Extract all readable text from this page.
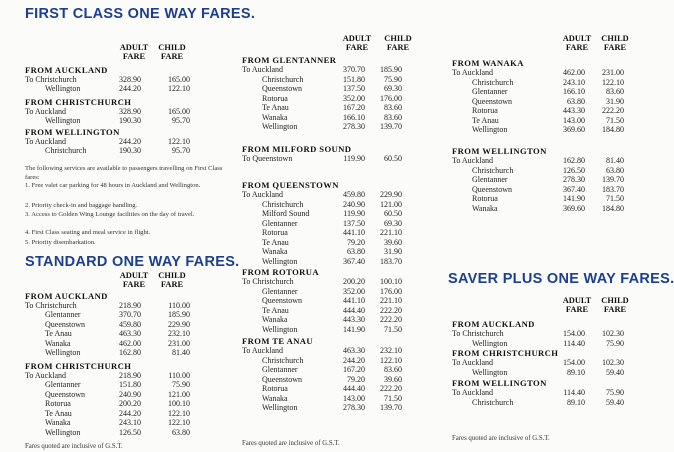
FIRST CLASS ONE WAY FARES.
ADULT
FARE
CHILD
FARE
FROM AUCKLAND
To Christchurch	328.90	165.00
Wellington	244.20	122.10
FROM CHRISTCHURCH
To Auckland	328.90	165.00
Wellington	190.30	95.70
FROM WELLINGTON
To Auckland	244.20	122.10
Christchurch	190.30	95.70
The following services are available to passengers travelling on First Class fares:
1. Free valet car parking for 48 hours in Auckland and Wellington.
2. Priority check-in and baggage handling.
3. Access to Golden Wing Lounge facilities on the day of travel.
4. First Class seating and meal service in flight.
5. Priority disembarkation.
STANDARD ONE WAY FARES.
ADULT
FARE
CHILD
FARE
FROM AUCKLAND
To Christchurch	218.90	110.00
Glentanner	370.70	185.90
Queenstown	459.80	229.90
Te Anau	463.30	232.10
Wanaka	462.00	231.00
Wellington	162.80	81.40
FROM CHRISTCHURCH
To Auckland	218.90	110.00
Glentanner	151.80	75.90
Queenstown	240.90	121.00
Rotorua	200.20	100.10
Te Anau	244.20	122.10
Wanaka	243.10	122.10
Wellington	126.50	63.80
Fares quoted are inclusive of G.S.T.
ADULT
FARE
CHILD
FARE
FROM GLENTANNER
To Auckland	370.70	185.90
Christchurch	151.80	75.90
Queenstown	137.50	69.30
Rotorua	352.00	176.00
Te Anau	167.20	83.60
Wanaka	166.10	83.60
Wellington	278.30	139.70
FROM MILFORD SOUND
To Queenstown	119.90	60.50
FROM QUEENSTOWN
To Auckland	459.80	229.90
Christchurch	240.90	121.00
Milford Sound	119.90	60.50
Glentanner	137.50	69.30
Rotorua	441.10	221.10
Te Anau	79.20	39.60
Wanaka	63.80	31.90
Wellington	367.40	183.70
FROM ROTORUA
To Christchurch	200.20	100.10
Glentanner	352.00	176.00
Queenstown	441.10	221.10
Te Anau	444.40	222.20
Wanaka	443.30	222.20
Wellington	141.90	71.50
FROM TE ANAU
To Auckland	463.30	232.10
Christchurch	244.20	122.10
Glentanner	167.20	83.60
Queenstown	79.20	39.60
Rotorua	444.40	222.20
Wanaka	143.00	71.50
Wellington	278.30	139.70
Fares quoted are inclusive of G.S.T.
ADULT
FARE
CHILD
FARE
FROM WANAKA
To Auckland	462.00	231.00
Christchurch	243.10	122.10
Glentanner	166.10	83.60
Queenstown	63.80	31.90
Rotorua	443.30	222.20
Te Anau	143.00	71.50
Wellington	369.60	184.80
FROM WELLINGTON
To Auckland	162.80	81.40
Christchurch	126.50	63.80
Glentanner	278.30	139.70
Queenstown	367.40	183.70
Rotorua	141.90	71.50
Wanaka	369.60	184.80
SAVER PLUS ONE WAY FARES.
ADULT
FARE
CHILD
FARE
FROM AUCKLAND
To Christchurch	154.00	102.30
Wellington	114.40	75.90
FROM CHRISTCHURCH
To Auckland	154.00	102.30
Wellington	89.10	59.40
FROM WELLINGTON
To Auckland	114.40	75.90
Christchurch	89.10	59.40
Fares quoted are inclusive of G.S.T.
